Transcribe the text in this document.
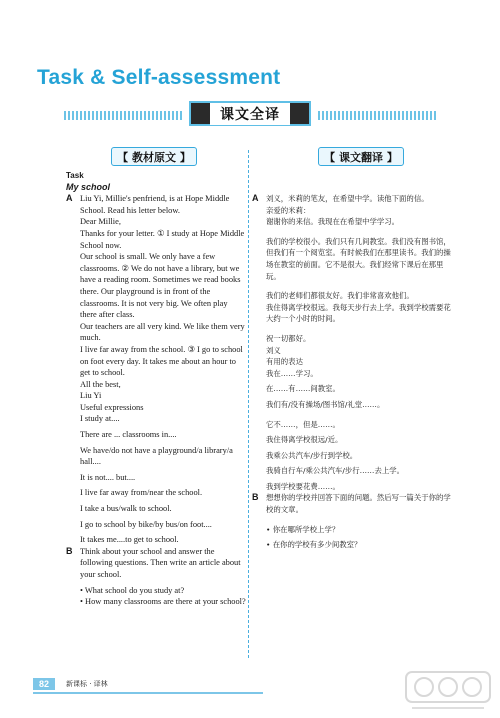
Task & Self-assessment
课文全译
【 教材原文 】	【 课文翻译 】
Task
My school
A Liu Yi, Millie's penfriend, is at Hope Middle School. Read his letter below.
Dear Millie,
Thanks for your letter. ① I study at Hope Middle School now.
Our school is small. We only have a few classrooms. ② We do not have a library, but we have a reading room. Sometimes we read books there. Our playground is in front of the classrooms. It is not very big. We often play there after class.
Our teachers are all very kind. We like them very much.
I live far away from the school. ③ I go to school on foot every day. It takes me about an hour to get to school.
All the best,
Liu Yi
Useful expressions
I study at....
There are ... classrooms in....
We have/do not have a playground/a library/a hall....
It is not.... but....
I live far away from/near the school.
I take a bus/walk to school.
I go to school by bike/by bus/on foot....
It takes me....to get to school.
B Think about your school and answer the following questions. Then write an article about your school.
• What school do you study at?
• How many classrooms are there at your school?
A	刘义，米莉的笔友，在希望中学。读他下面的信。
亲爱的米莉：
谢谢你的来信。我现在在希望中学学习。
我们的学校很小。我们只有几间教室。我们没有图书馆，但我们有一个阅览室。有时候我们在那里读书。我们的操场在教室的前面。它不是很大。我们经常下课后在那里玩。
我们的老师们都很友好。我们非常喜欢他们。
我住得离学校很远。我每天步行去上学。我到学校需要花大约一个小时的时间。
祝一切都好。
刘义
有用的表达
我在……学习。
在……有……间教室。
我们有/没有操场/图书馆/礼堂……。
它不……，但是……。
我住得离学校很远/近。
我乘公共汽车/步行到学校。
我骑自行车/乘公共汽车/步行……去上学。
我到学校要花费……。
B	想想你的学校并回答下面的问题。然后写一篇关于你的学校的文章。
• 你在哪所学校上学？
• 在你的学校有多少间教室？
82	新课标 · 译林
